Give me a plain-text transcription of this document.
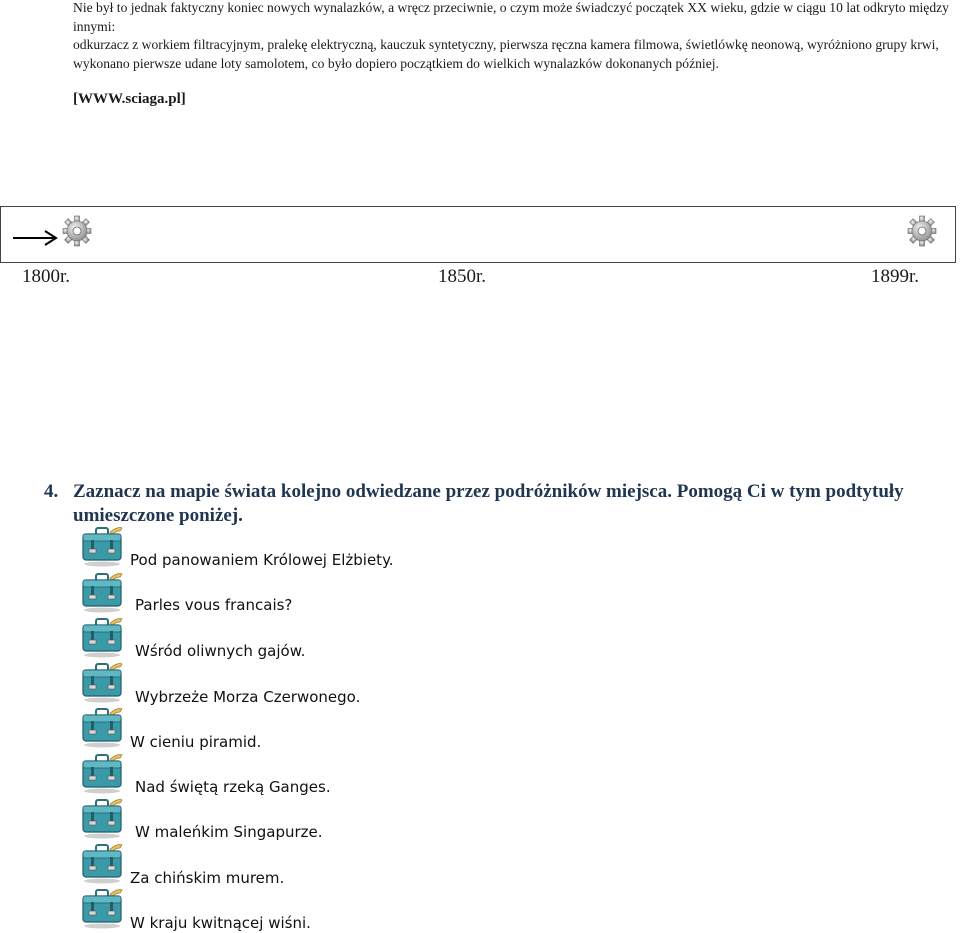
Nie był to jednak faktyczny koniec nowych wynalazków, a wręcz przeciwnie, o czym może świadczyć początek XX wieku, gdzie w ciągu 10 lat odkryto między innymi:
odkurzacz z workiem filtracyjnym, pralekę elektryczną, kauczuk syntetyczny, pierwsza ręczna kamera filmowa, świetlówkę neonową, wyróżniono grupy krwi, wykonano pierwsze udane loty samolotem, co było dopiero początkiem do wielkich wynalazków dokonanych później.
[WWW.sciaga.pl]
1800r.	1850r.	1899r.
4. Zaznacz na mapie świata kolejno odwiedzane przez podróżników miejsca. Pomogą Ci w tym podtytuły umieszczone poniżej.
Pod panowaniem Królowej Elżbiety.
Parles vous francais?
Wśród oliwnych gajów.
Wybrzeże Morza Czerwonego.
W cieniu piramid.
Nad świętą rzeką Ganges.
W maleńkim Singapurze.
Za chińskim murem.
W kraju kwitnącej wiśni.
